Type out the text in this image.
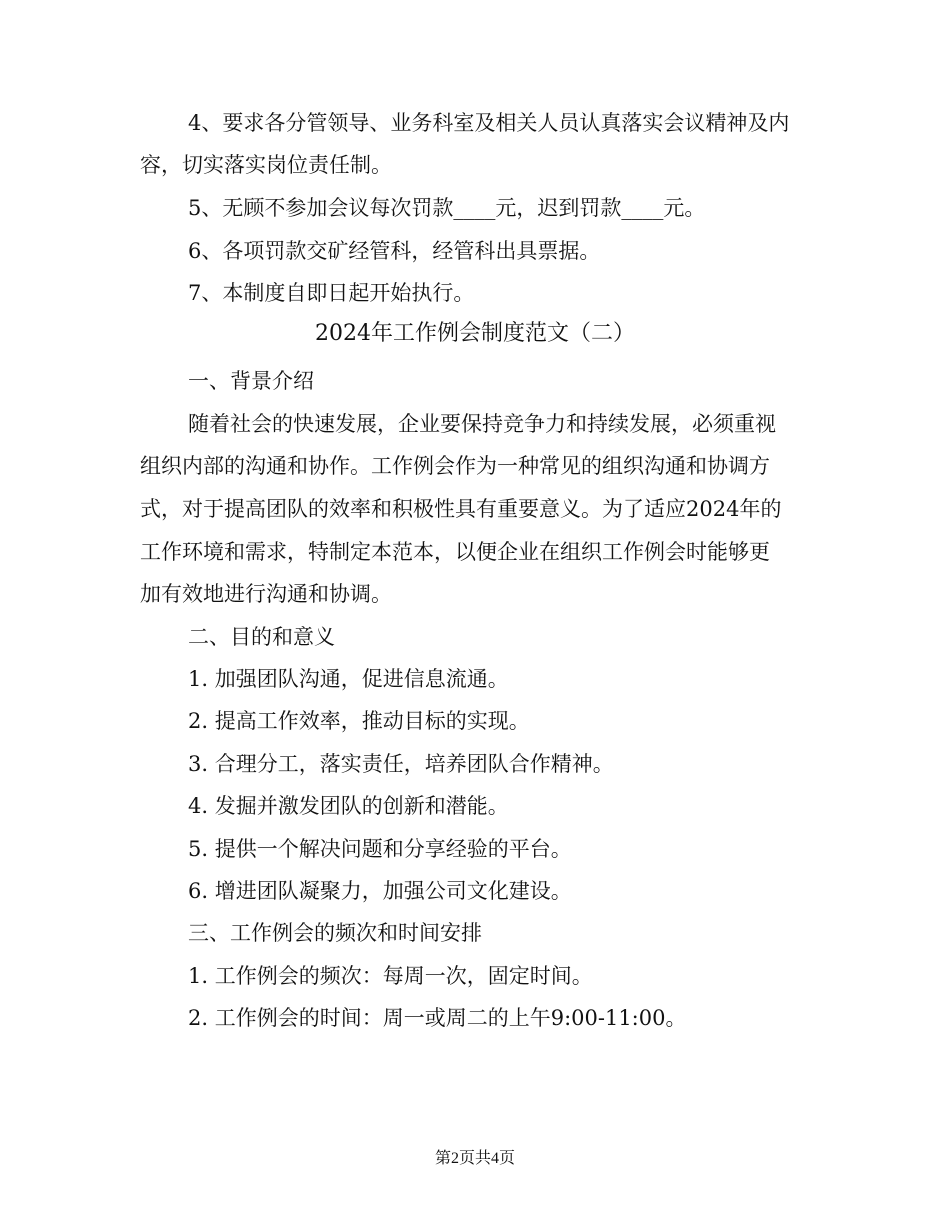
4、要求各分管领导、业务科室及相关人员认真落实会议精神及内

容，切实落实岗位责任制。

5、无顾不参加会议每次罚款____元，迟到罚款____元。

6、各项罚款交矿经管科，经管科出具票据。

7、本制度自即日起开始执行。

2024年工作例会制度范文（二）

一、背景介绍

随着社会的快速发展，企业要保持竞争力和持续发展，必须重视

组织内部的沟通和协作。工作例会作为一种常见的组织沟通和协调方

式，对于提高团队的效率和积极性具有重要意义。为了适应2024年的

工作环境和需求，特制定本范本，以便企业在组织工作例会时能够更

加有效地进行沟通和协调。

二、目的和意义

1. 加强团队沟通，促进信息流通。

2. 提高工作效率，推动目标的实现。

3. 合理分工，落实责任，培养团队合作精神。

4. 发掘并激发团队的创新和潜能。

5. 提供一个解决问题和分享经验的平台。

6. 增进团队凝聚力，加强公司文化建设。

三、工作例会的频次和时间安排

1. 工作例会的频次：每周一次，固定时间。

2. 工作例会的时间：周一或周二的上午9:00-11:00。

第2页共4页
